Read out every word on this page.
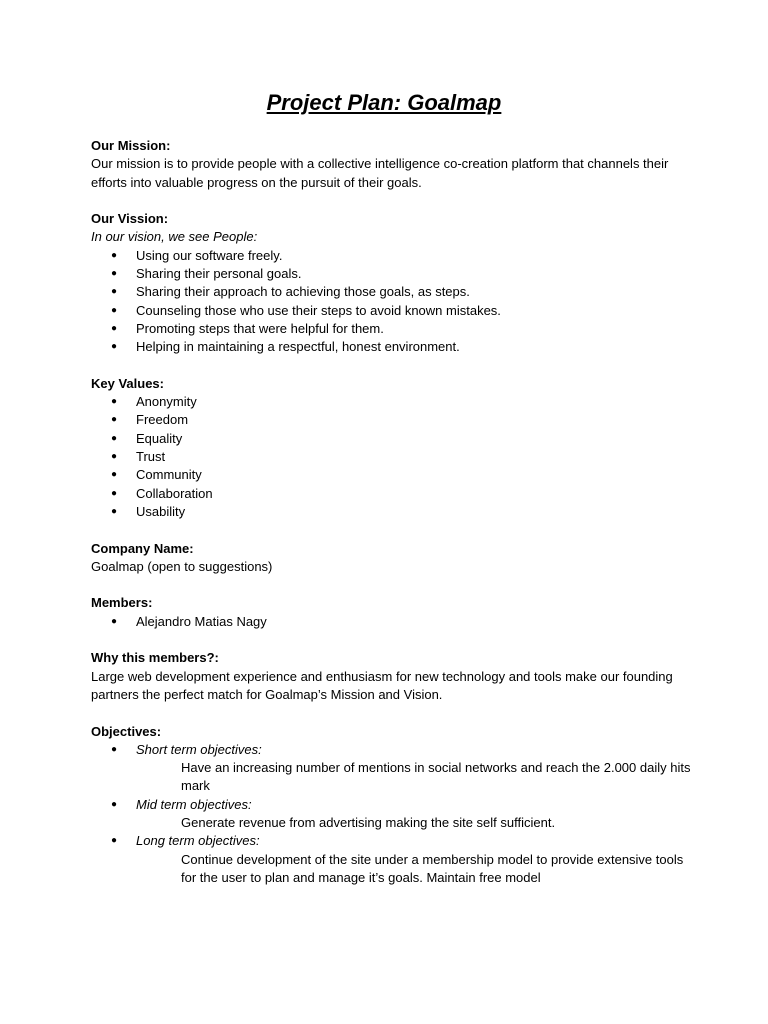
Project Plan: Goalmap
Our Mission:
Our mission is to provide people with a collective intelligence co-creation platform that channels their efforts into valuable progress on the pursuit of their goals.
Our Vission:
In our vision, we see People:
● Using our software freely.
● Sharing their personal goals.
● Sharing their approach to achieving those goals, as steps.
● Counseling those who use their steps to avoid known mistakes.
● Promoting steps that were helpful for them.
● Helping in maintaining a respectful, honest environment.
Key Values:
● Anonymity
● Freedom
● Equality
● Trust
● Community
● Collaboration
● Usability
Company Name:
Goalmap (open to suggestions)
Members:
● Alejandro Matias Nagy
Why this members?:
Large web development experience and enthusiasm for new technology and tools make our founding partners the perfect match for Goalmap’s Mission and Vision.
Objectives:
● Short term objectives:
Have an increasing number of mentions in social networks and reach the 2.000 daily hits mark
● Mid term objectives:
Generate revenue from advertising making the site self sufficient.
● Long term objectives:
Continue development of the site under a membership model to provide extensive tools for the user to plan and manage it’s goals. Maintain free model
